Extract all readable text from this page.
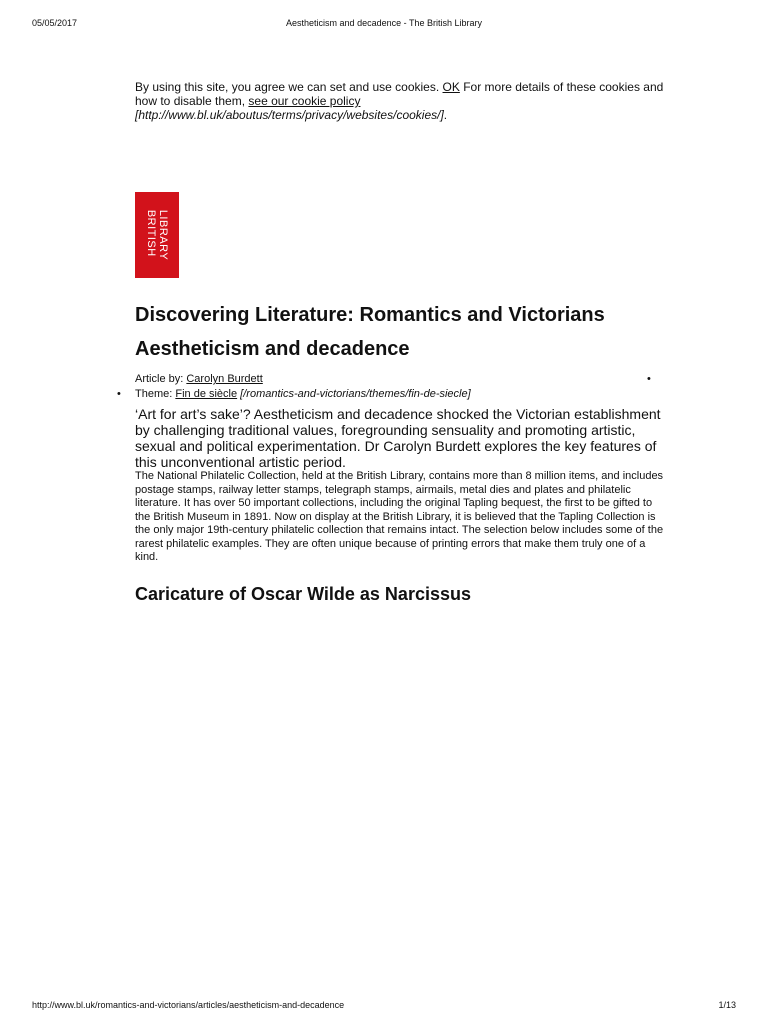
05/05/2017	Aestheticism and decadence - The British Library

By using this site, you agree we can set and use cookies. OK For more details of these cookies and how to disable them, see our cookie policy
[http://www.bl.uk/aboutus/terms/privacy/websites/cookies/].

LIBRARY
BRITISH
Discovering Literature: Romantics and Victorians
Aestheticism and decadence
Article by: Carolyn Burdett	•
• Theme: Fin de siècle [/romantics-and-victorians/themes/fin-de-siecle]
‘Art for art’s sake’? Aestheticism and decadence shocked the Victorian establishment by challenging traditional values, foregrounding sensuality and promoting artistic, sexual and political experimentation. Dr Carolyn Burdett explores the key features of this unconventional artistic period.

The National Philatelic Collection, held at the British Library, contains more than 8 million items, and includes postage stamps, railway letter stamps, telegraph stamps, airmails, metal dies and plates and philatelic literature. It has over 50 important collections, including the original Tapling bequest, the first to be gifted to the British Museum in 1891. Now on display at the British Library, it is believed that the Tapling Collection is the only major 19th-century philatelic collection that remains intact. The selection below includes some of the rarest philatelic examples. They are often unique because of printing errors that make them truly one of a kind.

Caricature of Oscar Wilde as Narcissus
http://www.bl.uk/romantics-and-victorians/articles/aestheticism-and-decadence	1/13
